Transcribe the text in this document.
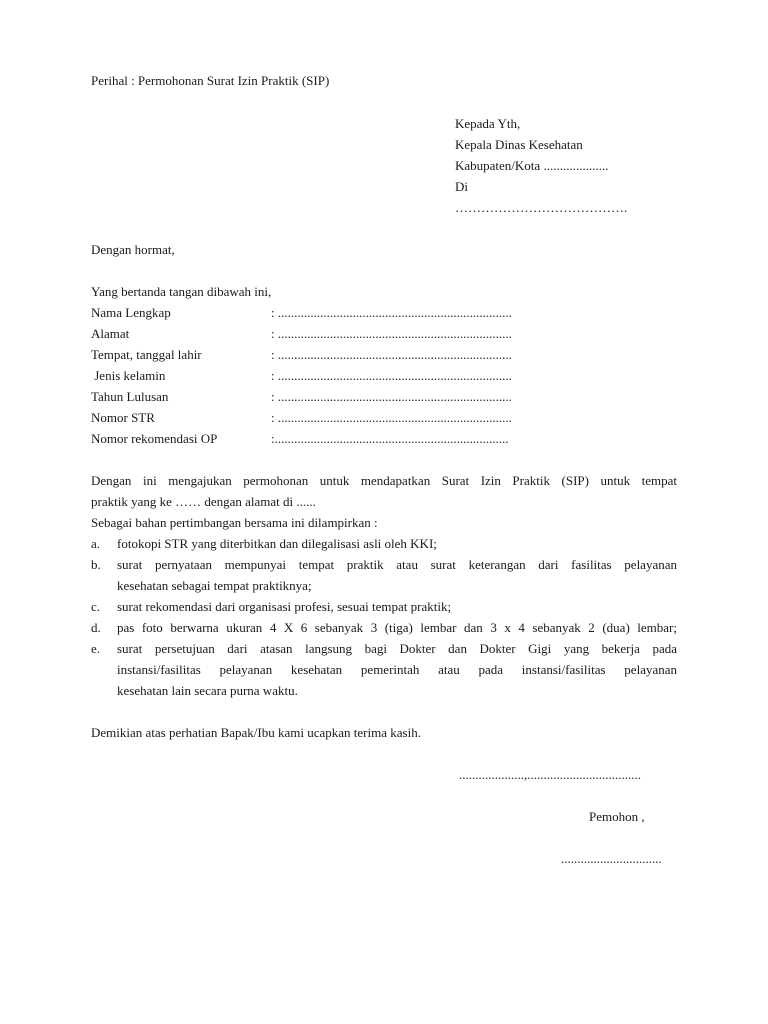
Perihal : Permohonan Surat Izin Praktik (SIP)
Kepada Yth,
Kepala Dinas Kesehatan
Kabupaten/Kota ....................
Di
………………………………….
Dengan hormat,
Yang bertanda tangan dibawah ini,
Nama Lengkap	: ........................................................................
Alamat	: ........................................................................
Tempat, tanggal lahir	: ........................................................................
Jenis kelamin	: ........................................................................
Tahun Lulusan	: ........................................................................
Nomor STR	: ........................................................................
Nomor rekomendasi OP	:........................................................................
Dengan ini mengajukan permohonan untuk mendapatkan Surat Izin Praktik (SIP) untuk tempat
praktik yang ke …… dengan alamat di ......
Sebagai bahan pertimbangan bersama ini dilampirkan :
a. fotokopi STR yang diterbitkan dan dilegalisasi asli oleh KKI;
b. surat pernyataan mempunyai tempat praktik atau surat keterangan dari fasilitas pelayanan
kesehatan sebagai tempat praktiknya;
c. surat rekomendasi dari organisasi profesi, sesuai tempat praktik;
d. pas foto berwarna ukuran 4 X 6 sebanyak 3 (tiga) lembar dan 3 x 4 sebanyak 2 (dua) lembar;
e. surat persetujuan dari atasan langsung bagi Dokter dan Dokter Gigi yang bekerja pada
instansi/fasilitas pelayanan kesehatan pemerintah atau pada instansi/fasilitas pelayanan
kesehatan lain secara purna waktu.
Demikian atas perhatian Bapak/Ibu kami ucapkan terima kasih.
....................,...................................
Pemohon ,
...............................
